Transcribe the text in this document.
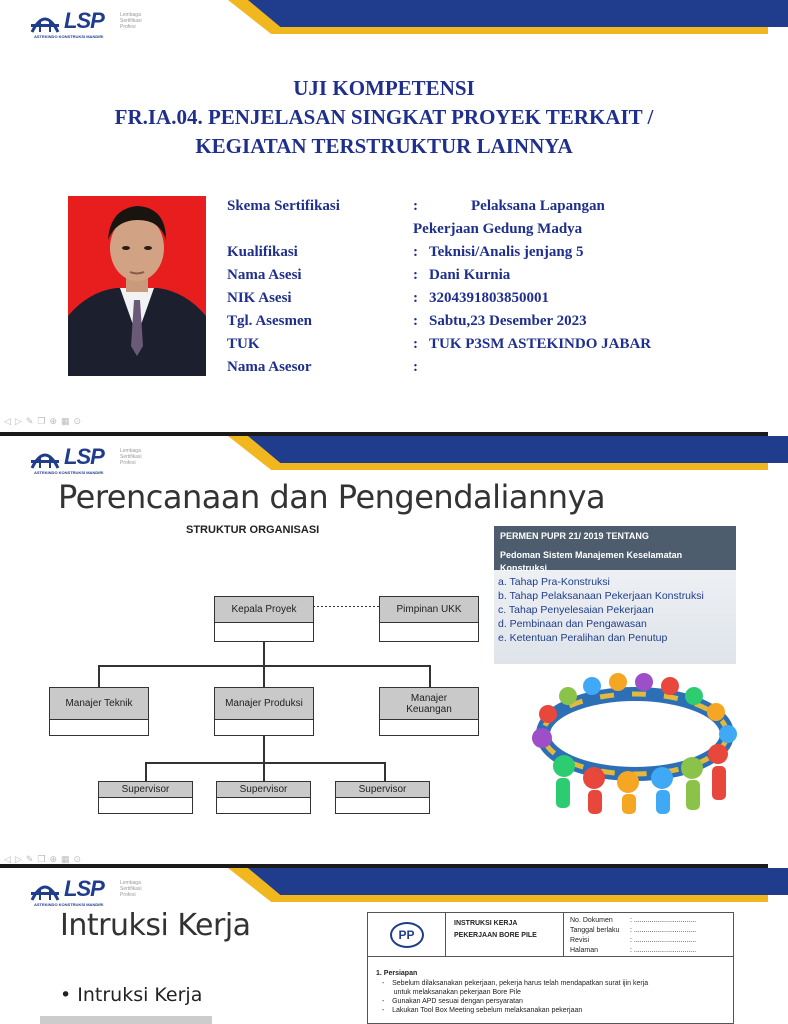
LSP	Lembaga
Sertifikasi
Profesi
ASTEKINDO KONSTRUKSI MANDIRI
UJI KOMPETENSI
FR.IA.04. PENJELASAN SINGKAT PROYEK TERKAIT /
KEGIATAN TERSTRUKTUR LAINNYA
Skema Sertifikasi	:	Pelaksana Lapangan
Pekerjaan Gedung Madya
Kualifikasi	: Teknisi/Analis jenjang 5
Nama Asesi	: Dani Kurnia
NIK Asesi	: 3204391803850001
Tgl. Asesmen	: Sabtu,23 Desember 2023
TUK	: TUK P3SM ASTEKINDO JABAR
Nama Asesor	:
◁▷✎❐⊕▦⊙
LSP	Lembaga
Sertifikasi
Profesi
ASTEKINDO KONSTRUKSI MANDIRI
Perencanaan dan Pengendaliannya
STRUKTUR ORGANISASI
Kepala Proyek	Pimpinan UKK
Manajer Teknik	Manajer Produksi	Manajer Keuangan
Supervisor	Supervisor	Supervisor
PERMEN PUPR 21/ 2019 TENTANG
Pedoman Sistem Manajemen Keselamatan Konstruksi
a. Tahap Pra-Konstruksi
b. Tahap Pelaksanaan Pekerjaan Konstruksi
c. Tahap Penyelesaian Pekerjaan
d. Pembinaan dan Pengawasan
e. Ketentuan Peralihan dan Penutup
◁▷✎❐⊕▦⊙
LSP	Lembaga
Sertifikasi
Profesi
ASTEKINDO KONSTRUKSI MANDIRI
Intruksi Kerja
• Intruksi Kerja
PP
INSTRUKSI KERJA
PEKERJAAN BORE PILE
No. Dokumen : ................................
Tanggal berlaku : ................................
Revisi	: ................................
Halaman	: ................................
1. Persiapan
-    Sebelum dilaksanakan pekerjaan, pekerja harus telah mendapatkan surat ijin kerja
untuk melaksanakan pekerjaan Bore Pile
-    Gunakan APD sesuai dengan persyaratan
-    Lakukan Tool Box Meeting sebelum melaksanakan pekerjaan
